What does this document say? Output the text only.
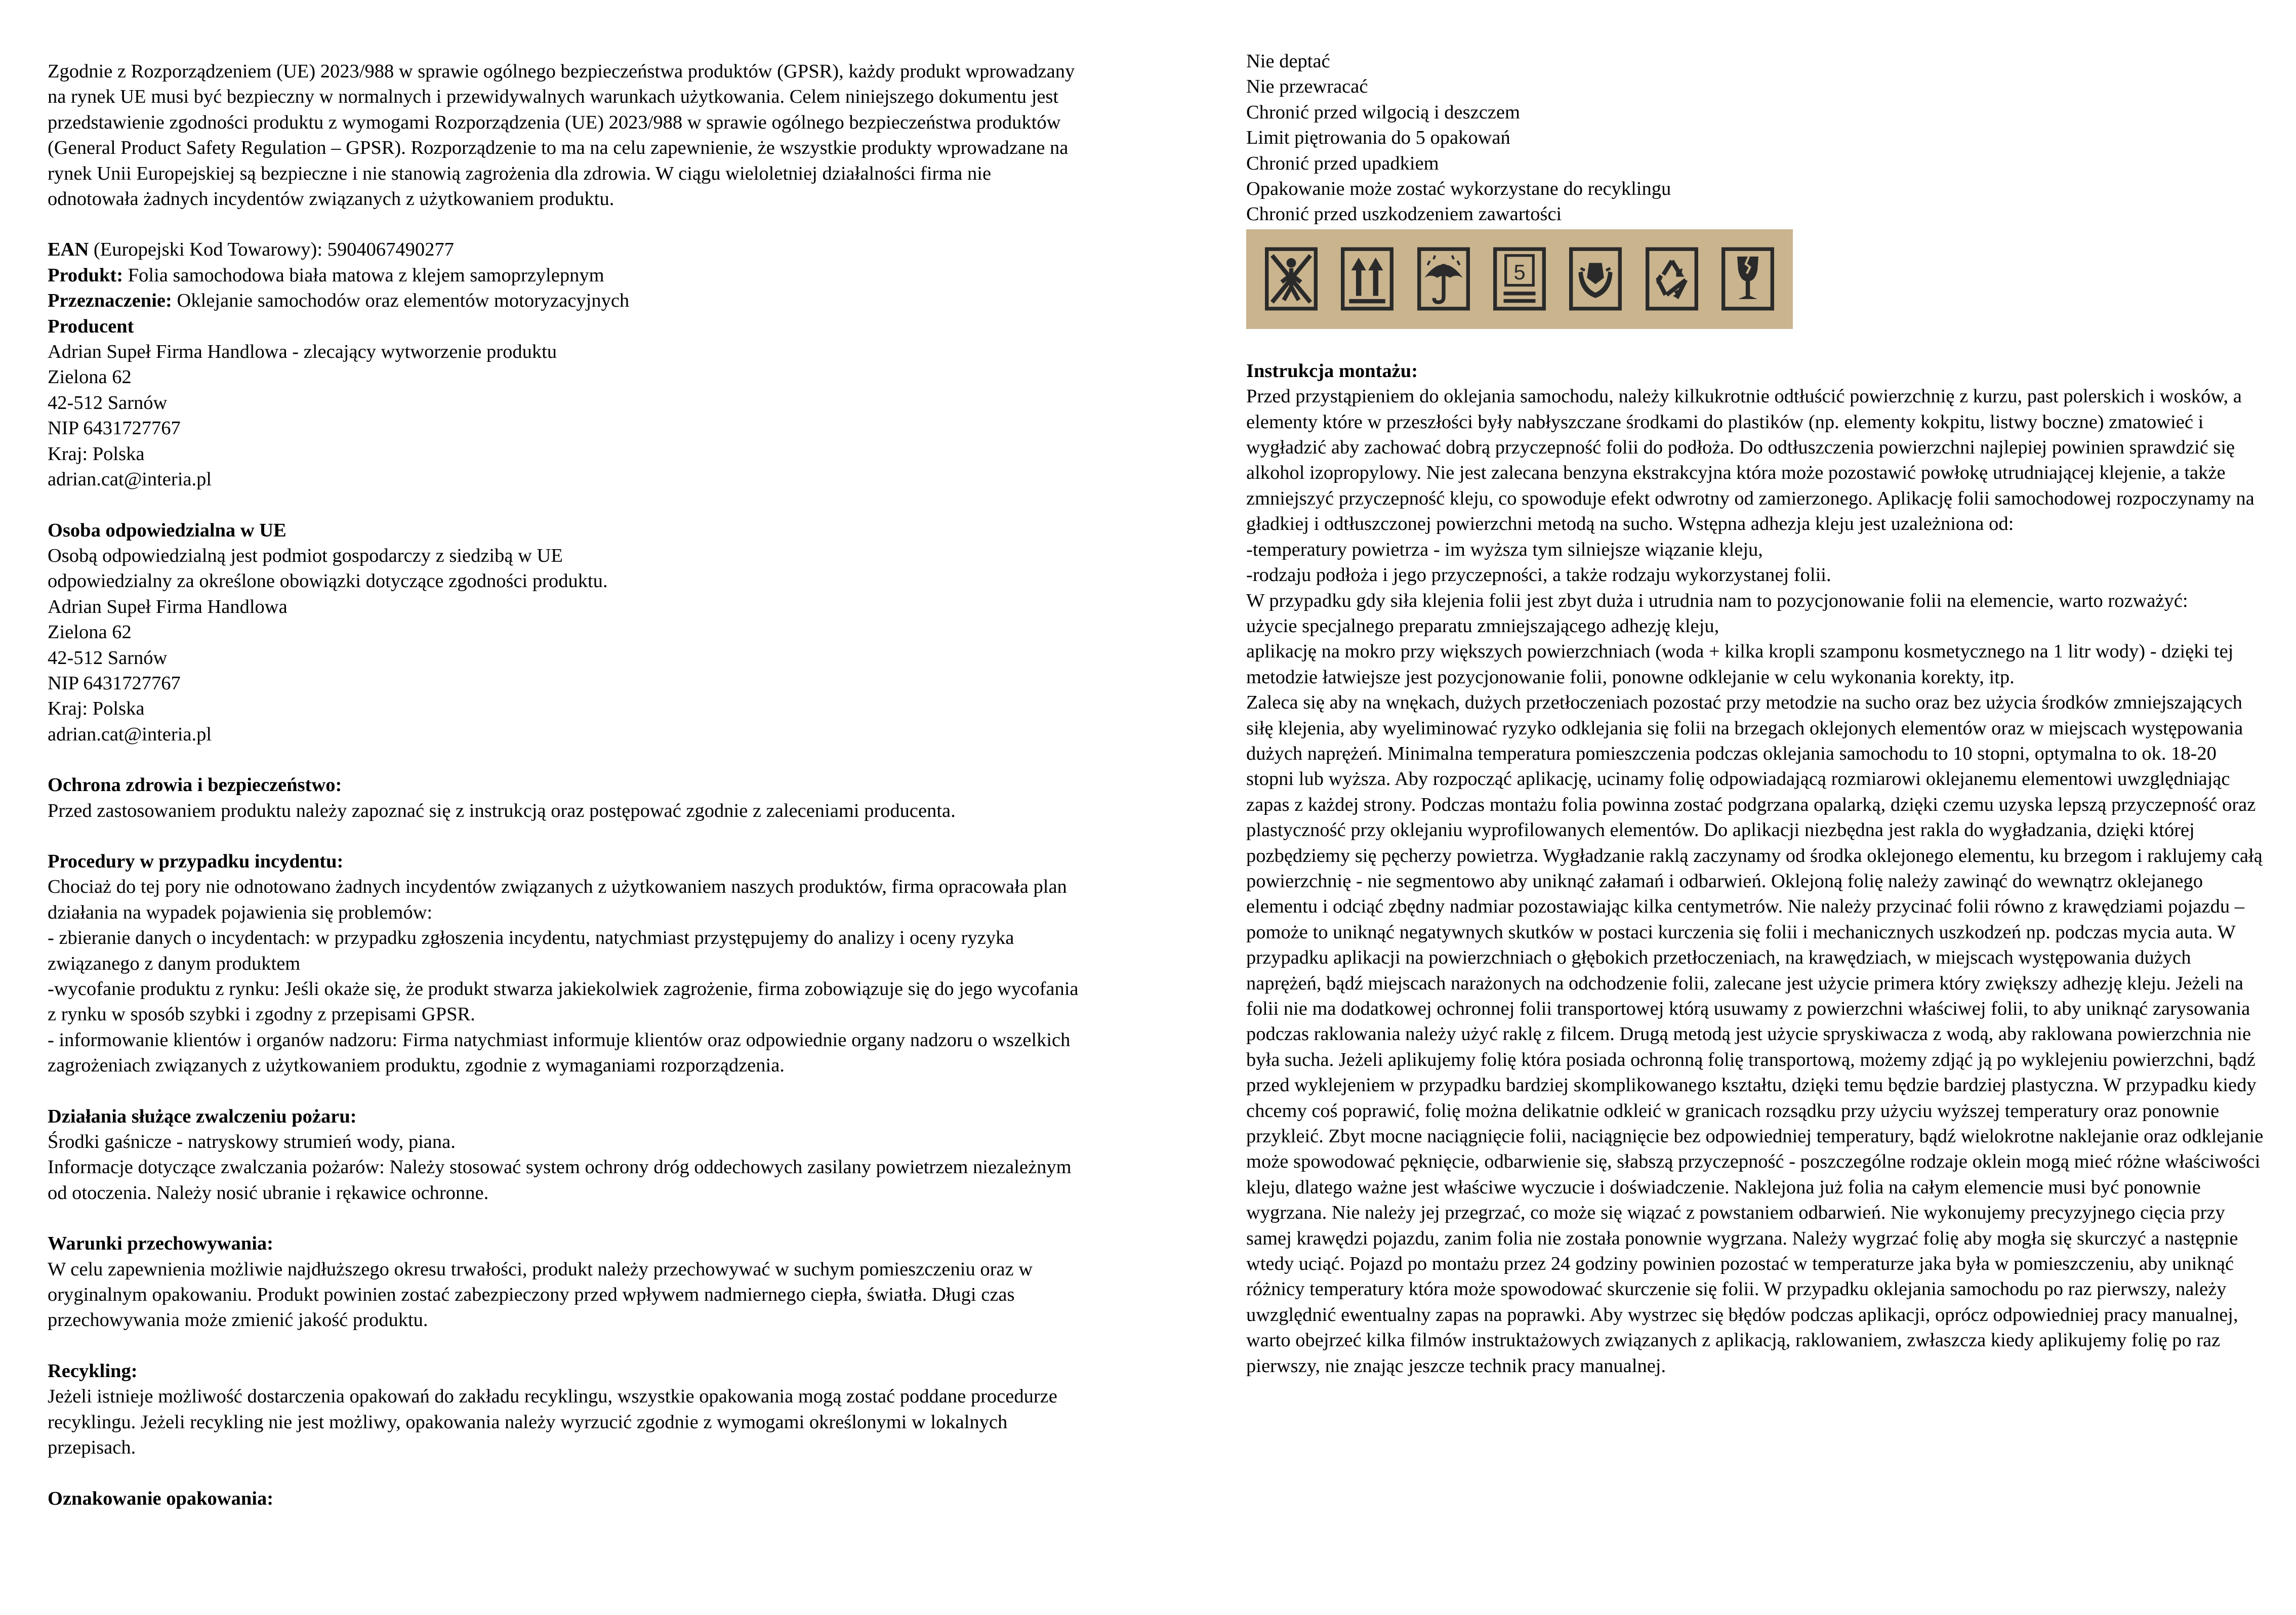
Zgodnie z Rozporządzeniem (UE) 2023/988 w sprawie ogólnego bezpieczeństwa produktów (GPSR), każdy produkt wprowadzany na rynek UE musi być bezpieczny w normalnych i przewidywalnych warunkach użytkowania. Celem niniejszego dokumentu jest przedstawienie zgodności produktu z wymogami Rozporządzenia (UE) 2023/988 w sprawie ogólnego bezpieczeństwa produktów (General Product Safety Regulation – GPSR). Rozporządzenie to ma na celu zapewnienie, że wszystkie produkty wprowadzane na rynek Unii Europejskiej są bezpieczne i nie stanowią zagrożenia dla zdrowia. W ciągu wieloletniej działalności firma nie odnotowała żadnych incydentów związanych z użytkowaniem produktu.

EAN (Europejski Kod Towarowy): 5904067490277

Produkt: Folia samochodowa biała matowa z klejem samoprzylepnym

Przeznaczenie: Oklejanie samochodów oraz elementów motoryzacyjnych

Producent

Adrian Supeł Firma Handlowa - zlecający wytworzenie produktu

Zielona 62

42-512 Sarnów

NIP 6431727767

Kraj: Polska

adrian.cat@interia.pl

Osoba odpowiedzialna w UE

Osobą odpowiedzialną jest podmiot gospodarczy z siedzibą w UE

odpowiedzialny za określone obowiązki dotyczące zgodności produktu.

Adrian Supeł Firma Handlowa

Zielona 62

42-512 Sarnów

NIP 6431727767

Kraj: Polska

adrian.cat@interia.pl

Ochrona zdrowia i bezpieczeństwo:

Przed zastosowaniem produktu należy zapoznać się z instrukcją oraz postępować zgodnie z zaleceniami producenta.

Procedury w przypadku incydentu:

Chociaż do tej pory nie odnotowano żadnych incydentów związanych z użytkowaniem naszych produktów, firma opracowała plan działania na wypadek pojawienia się problemów:

- zbieranie danych o incydentach: w przypadku zgłoszenia incydentu, natychmiast przystępujemy do analizy i oceny ryzyka związanego z danym produktem

-wycofanie produktu z rynku: Jeśli okaże się, że produkt stwarza jakiekolwiek zagrożenie, firma zobowiązuje się do jego wycofania z rynku w sposób szybki i zgodny z przepisami GPSR.

- informowanie klientów i organów nadzoru: Firma natychmiast informuje klientów oraz odpowiednie organy nadzoru o wszelkich zagrożeniach związanych z użytkowaniem produktu, zgodnie z wymaganiami rozporządzenia.

Działania służące zwalczeniu pożaru:

Środki gaśnicze - natryskowy strumień wody, piana.

Informacje dotyczące zwalczania pożarów: Należy stosować system ochrony dróg oddechowych zasilany powietrzem niezależnym od otoczenia. Należy nosić ubranie i rękawice ochronne.

Warunki przechowywania:

W celu zapewnienia możliwie najdłuższego okresu trwałości, produkt należy przechowywać w suchym pomieszczeniu oraz w oryginalnym opakowaniu. Produkt powinien zostać zabezpieczony przed wpływem nadmiernego ciepła, światła. Długi czas przechowywania może zmienić jakość produktu.

Recykling:

Jeżeli istnieje możliwość dostarczenia opakowań do zakładu recyklingu, wszystkie opakowania mogą zostać poddane procedurze recyklingu. Jeżeli recykling nie jest możliwy, opakowania należy wyrzucić zgodnie z wymogami określonymi w lokalnych przepisach.

Oznakowanie opakowania:

Nie deptać

Nie przewracać

Chronić przed wilgocią i deszczem

Limit piętrowania do 5 opakowań

Chronić przed upadkiem

Opakowanie może zostać wykorzystane do recyklingu

Chronić przed uszkodzeniem zawartości

5

Instrukcja montażu:

Przed przystąpieniem do oklejania samochodu, należy kilkukrotnie odtłuścić powierzchnię z kurzu, past polerskich i wosków, a elementy które w przeszłości były nabłyszczane środkami do plastików (np. elementy kokpitu, listwy boczne) zmatowieć i wygładzić aby zachować dobrą przyczepność folii do podłoża. Do odtłuszczenia powierzchni najlepiej powinien sprawdzić się alkohol izopropylowy. Nie jest zalecana benzyna ekstrakcyjna która może pozostawić powłokę utrudniającej klejenie, a także zmniejszyć przyczepność kleju, co spowoduje efekt odwrotny od zamierzonego. Aplikację folii samochodowej rozpoczynamy na gładkiej i odtłuszczonej powierzchni metodą na sucho. Wstępna adhezja kleju jest uzależniona od:

-temperatury powietrza - im wyższa tym silniejsze wiązanie kleju,

-rodzaju podłoża i jego przyczepności, a także rodzaju wykorzystanej folii.

W przypadku gdy siła klejenia folii jest zbyt duża i utrudnia nam to pozycjonowanie folii na elemencie, warto rozważyć:

użycie specjalnego preparatu zmniejszającego adhezję kleju,

aplikację na mokro przy większych powierzchniach (woda + kilka kropli szamponu kosmetycznego na 1 litr wody) - dzięki tej metodzie łatwiejsze jest pozycjonowanie folii, ponowne odklejanie w celu wykonania korekty, itp.

Zaleca się aby na wnękach, dużych przetłoczeniach pozostać przy metodzie na sucho oraz bez użycia środków zmniejszających siłę klejenia, aby wyeliminować ryzyko odklejania się folii na brzegach oklejonych elementów oraz w miejscach występowania dużych naprężeń. Minimalna temperatura pomieszczenia podczas oklejania samochodu to 10 stopni, optymalna to ok. 18-20 stopni lub wyższa. Aby rozpocząć aplikację, ucinamy folię odpowiadającą rozmiarowi oklejanemu elementowi uwzględniając zapas z każdej strony. Podczas montażu folia powinna zostać podgrzana opalarką, dzięki czemu uzyska lepszą przyczepność oraz plastyczność przy oklejaniu wyprofilowanych elementów. Do aplikacji niezbędna jest rakla do wygładzania, dzięki której pozbędziemy się pęcherzy powietrza. Wygładzanie raklą zaczynamy od środka oklejonego elementu, ku brzegom i raklujemy całą powierzchnię - nie segmentowo aby uniknąć załamań i odbarwień. Oklejoną folię należy zawinąć do wewnątrz oklejanego elementu i odciąć zbędny nadmiar pozostawiając kilka centymetrów. Nie należy przycinać folii równo z krawędziami pojazdu – pomoże to uniknąć negatywnych skutków w postaci kurczenia się folii i mechanicznych uszkodzeń np. podczas mycia auta. W przypadku aplikacji na powierzchniach o głębokich przetłoczeniach, na krawędziach, w miejscach występowania dużych naprężeń, bądź miejscach narażonych na odchodzenie folii, zalecane jest użycie primera który zwiększy adhezję kleju. Jeżeli na folii nie ma dodatkowej ochronnej folii transportowej którą usuwamy z powierzchni właściwej folii, to aby uniknąć zarysowania podczas raklowania należy użyć raklę z filcem. Drugą metodą jest użycie spryskiwacza z wodą, aby raklowana powierzchnia nie była sucha. Jeżeli aplikujemy folię która posiada ochronną folię transportową, możemy zdjąć ją po wyklejeniu powierzchni, bądź przed wyklejeniem w przypadku bardziej skomplikowanego kształtu, dzięki temu będzie bardziej plastyczna. W przypadku kiedy chcemy coś poprawić, folię można delikatnie odkleić w granicach rozsądku przy użyciu wyższej temperatury oraz ponownie przykleić. Zbyt mocne naciągnięcie folii, naciągnięcie bez odpowiedniej temperatury, bądź wielokrotne naklejanie oraz odklejanie może spowodować pęknięcie, odbarwienie się, słabszą przyczepność - poszczególne rodzaje oklein mogą mieć różne właściwości kleju, dlatego ważne jest właściwe wyczucie i doświadczenie. Naklejona już folia na całym elemencie musi być ponownie wygrzana. Nie należy jej przegrzać, co może się wiązać z powstaniem odbarwień. Nie wykonujemy precyzyjnego cięcia przy samej krawędzi pojazdu, zanim folia nie została ponownie wygrzana. Należy wygrzać folię aby mogła się skurczyć a następnie wtedy uciąć. Pojazd po montażu przez 24 godziny powinien pozostać w temperaturze jaka była w pomieszczeniu, aby uniknąć różnicy temperatury która może spowodować skurczenie się folii. W przypadku oklejania samochodu po raz pierwszy, należy uwzględnić ewentualny zapas na poprawki. Aby wystrzec się błędów podczas aplikacji, oprócz odpowiedniej pracy manualnej, warto obejrzeć kilka filmów instruktażowych związanych z aplikacją, raklowaniem, zwłaszcza kiedy aplikujemy folię po raz pierwszy, nie znając jeszcze technik pracy manualnej.
